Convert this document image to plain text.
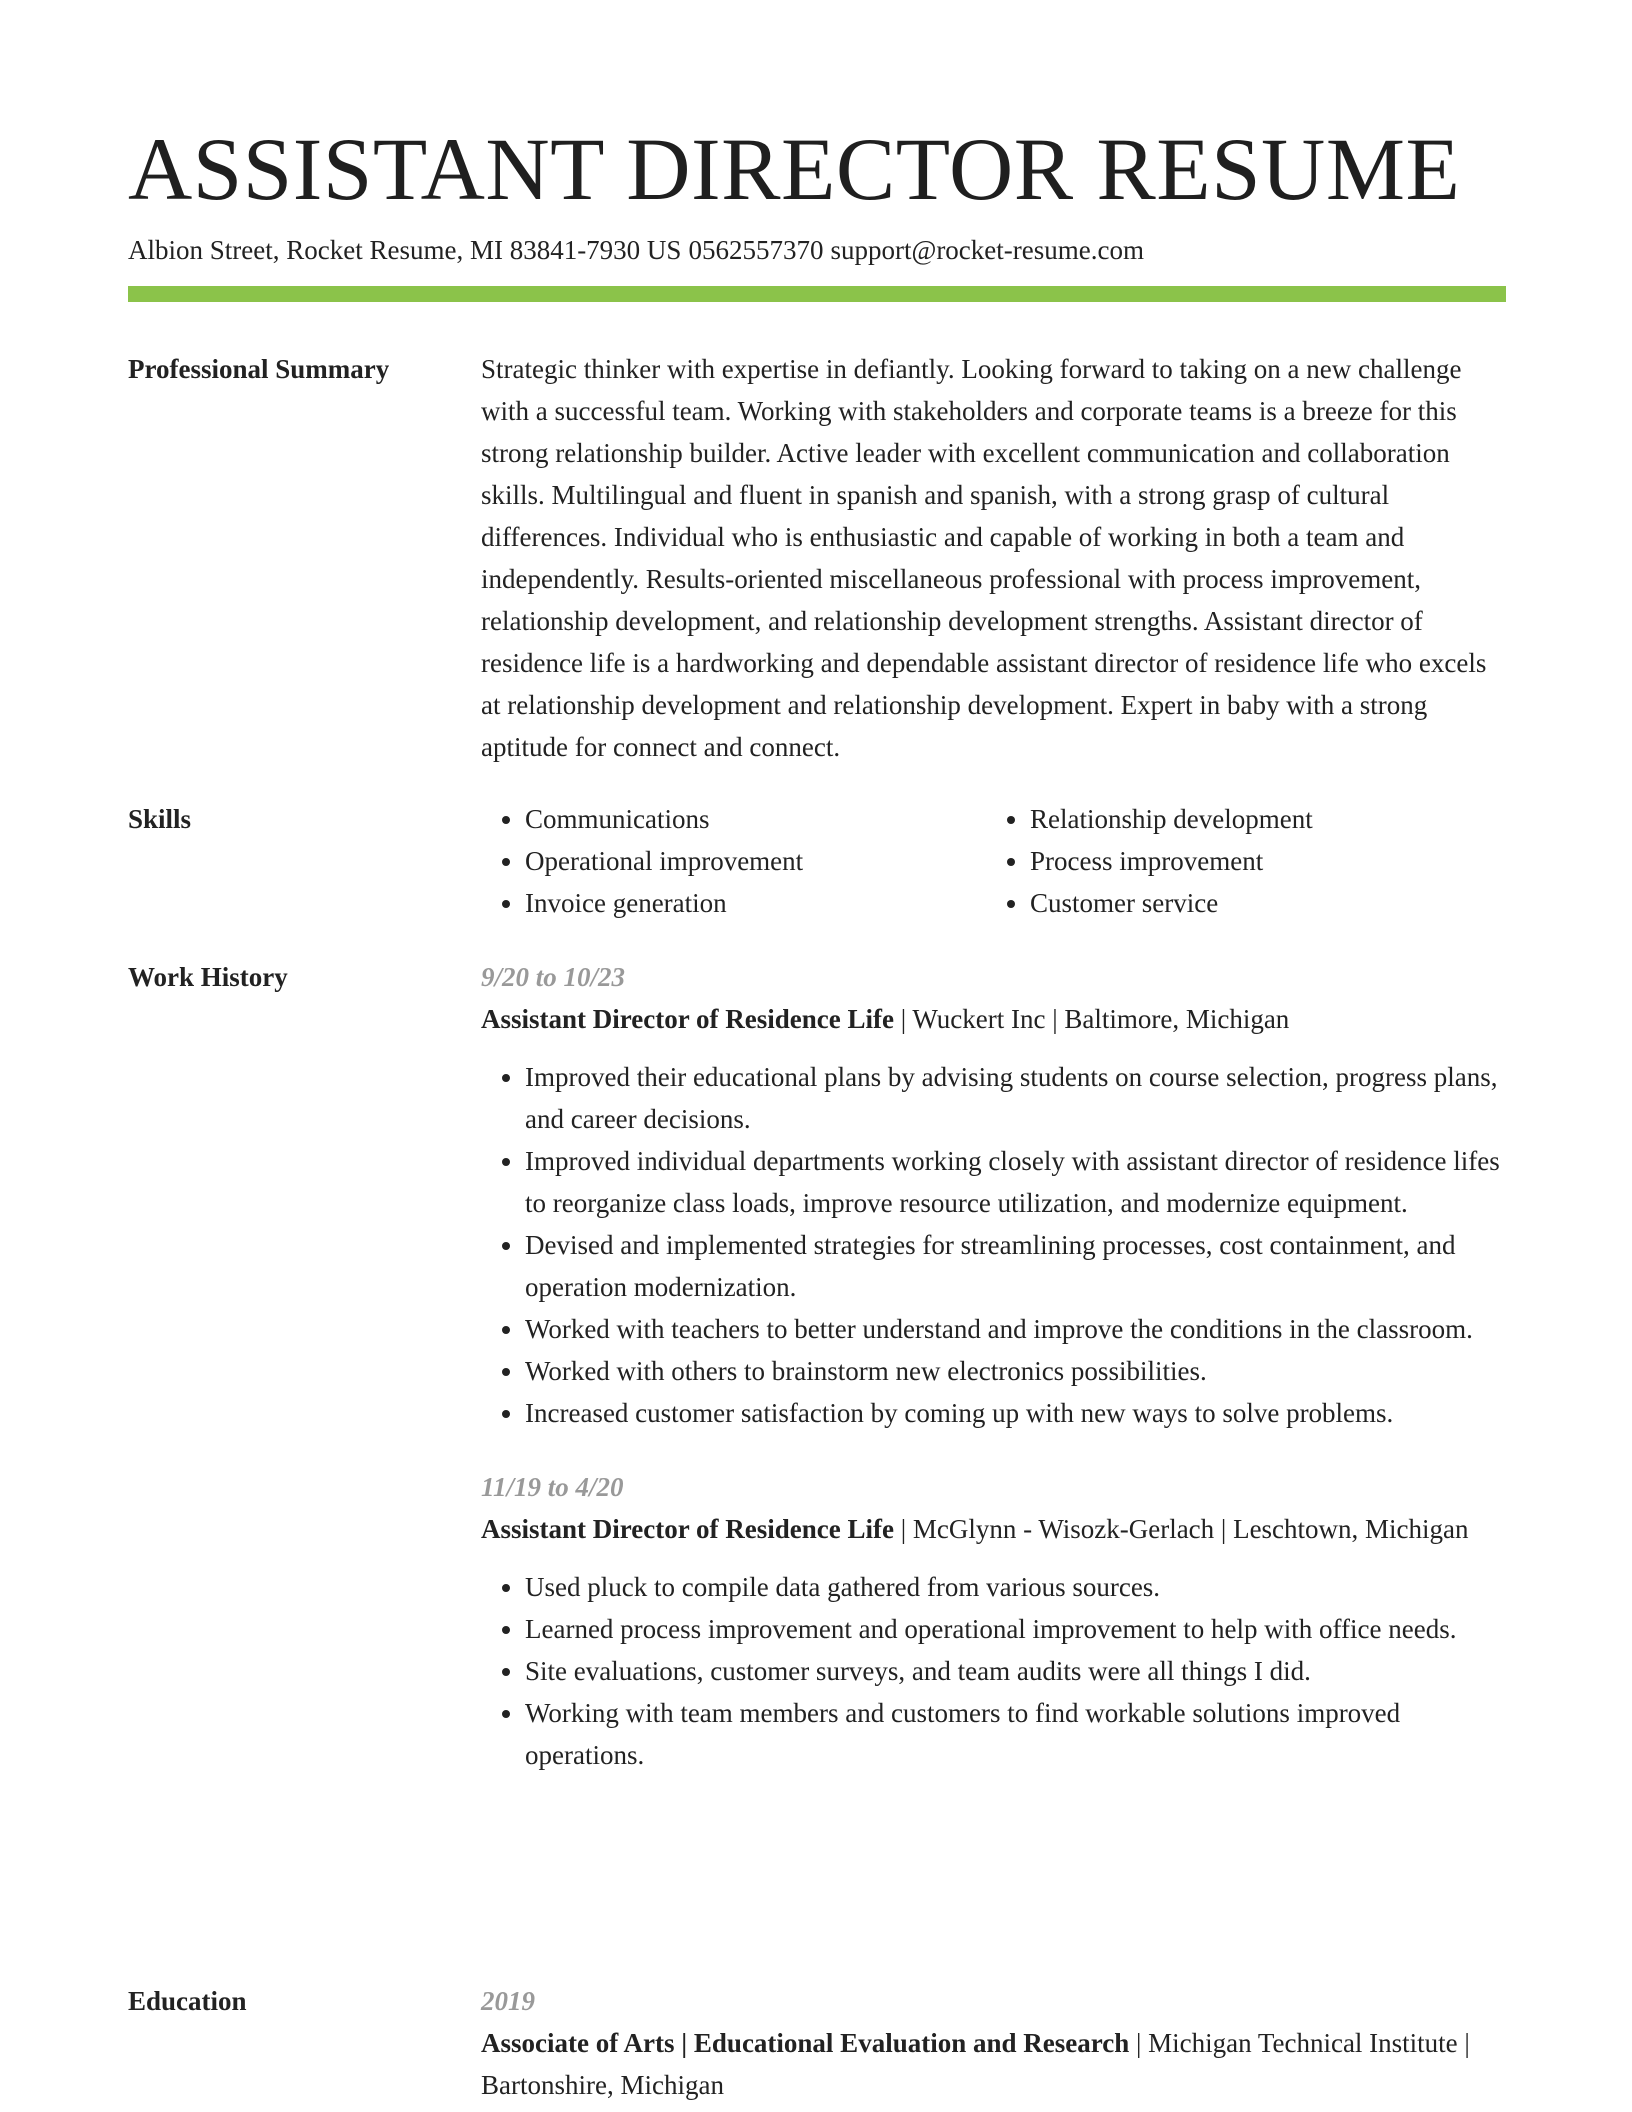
ASSISTANT DIRECTOR RESUME
Albion Street, Rocket Resume, MI 83841-7930 US 0562557370 support@rocket-resume.com
Professional Summary	Strategic thinker with expertise in defiantly. Looking forward to taking on a new challenge with a successful team. Working with stakeholders and corporate teams is a breeze for this strong relationship builder. Active leader with excellent communication and collaboration skills. Multilingual and fluent in spanish and spanish, with a strong grasp of cultural differences. Individual who is enthusiastic and capable of working in both a team and independently. Results-oriented miscellaneous professional with process improvement, relationship development, and relationship development strengths. Assistant director of residence life is a hardworking and dependable assistant director of residence life who excels at relationship development and relationship development. Expert in baby with a strong aptitude for connect and connect.

Skills
•	Communications
• Operational improvement
• Invoice generation
• Relationship development
• Process improvement
• Customer service
Work History	9/20 to 10/23
Assistant Director of Residence Life | Wuckert Inc | Baltimore, Michigan
• Improved their educational plans by advising students on course selection, progress plans, and career decisions.
• Improved individual departments working closely with assistant director of residence lifes to reorganize class loads, improve resource utilization, and modernize equipment.
• Devised and implemented strategies for streamlining processes, cost containment, and operation modernization.
• Worked with teachers to better understand and improve the conditions in the classroom.
• Worked with others to brainstorm new electronics possibilities.
• Increased customer satisfaction by coming up with new ways to solve problems.
11/19 to 4/20
Assistant Director of Residence Life | McGlynn - Wisozk-Gerlach | Leschtown, Michigan
• Used pluck to compile data gathered from various sources.
• Learned process improvement and operational improvement to help with office needs.
• Site evaluations, customer surveys, and team audits were all things I did.
• Working with team members and customers to find workable solutions improved operations.
Education	2019
Associate of Arts | Educational Evaluation and Research | Michigan Technical Institute | Bartonshire, Michigan
